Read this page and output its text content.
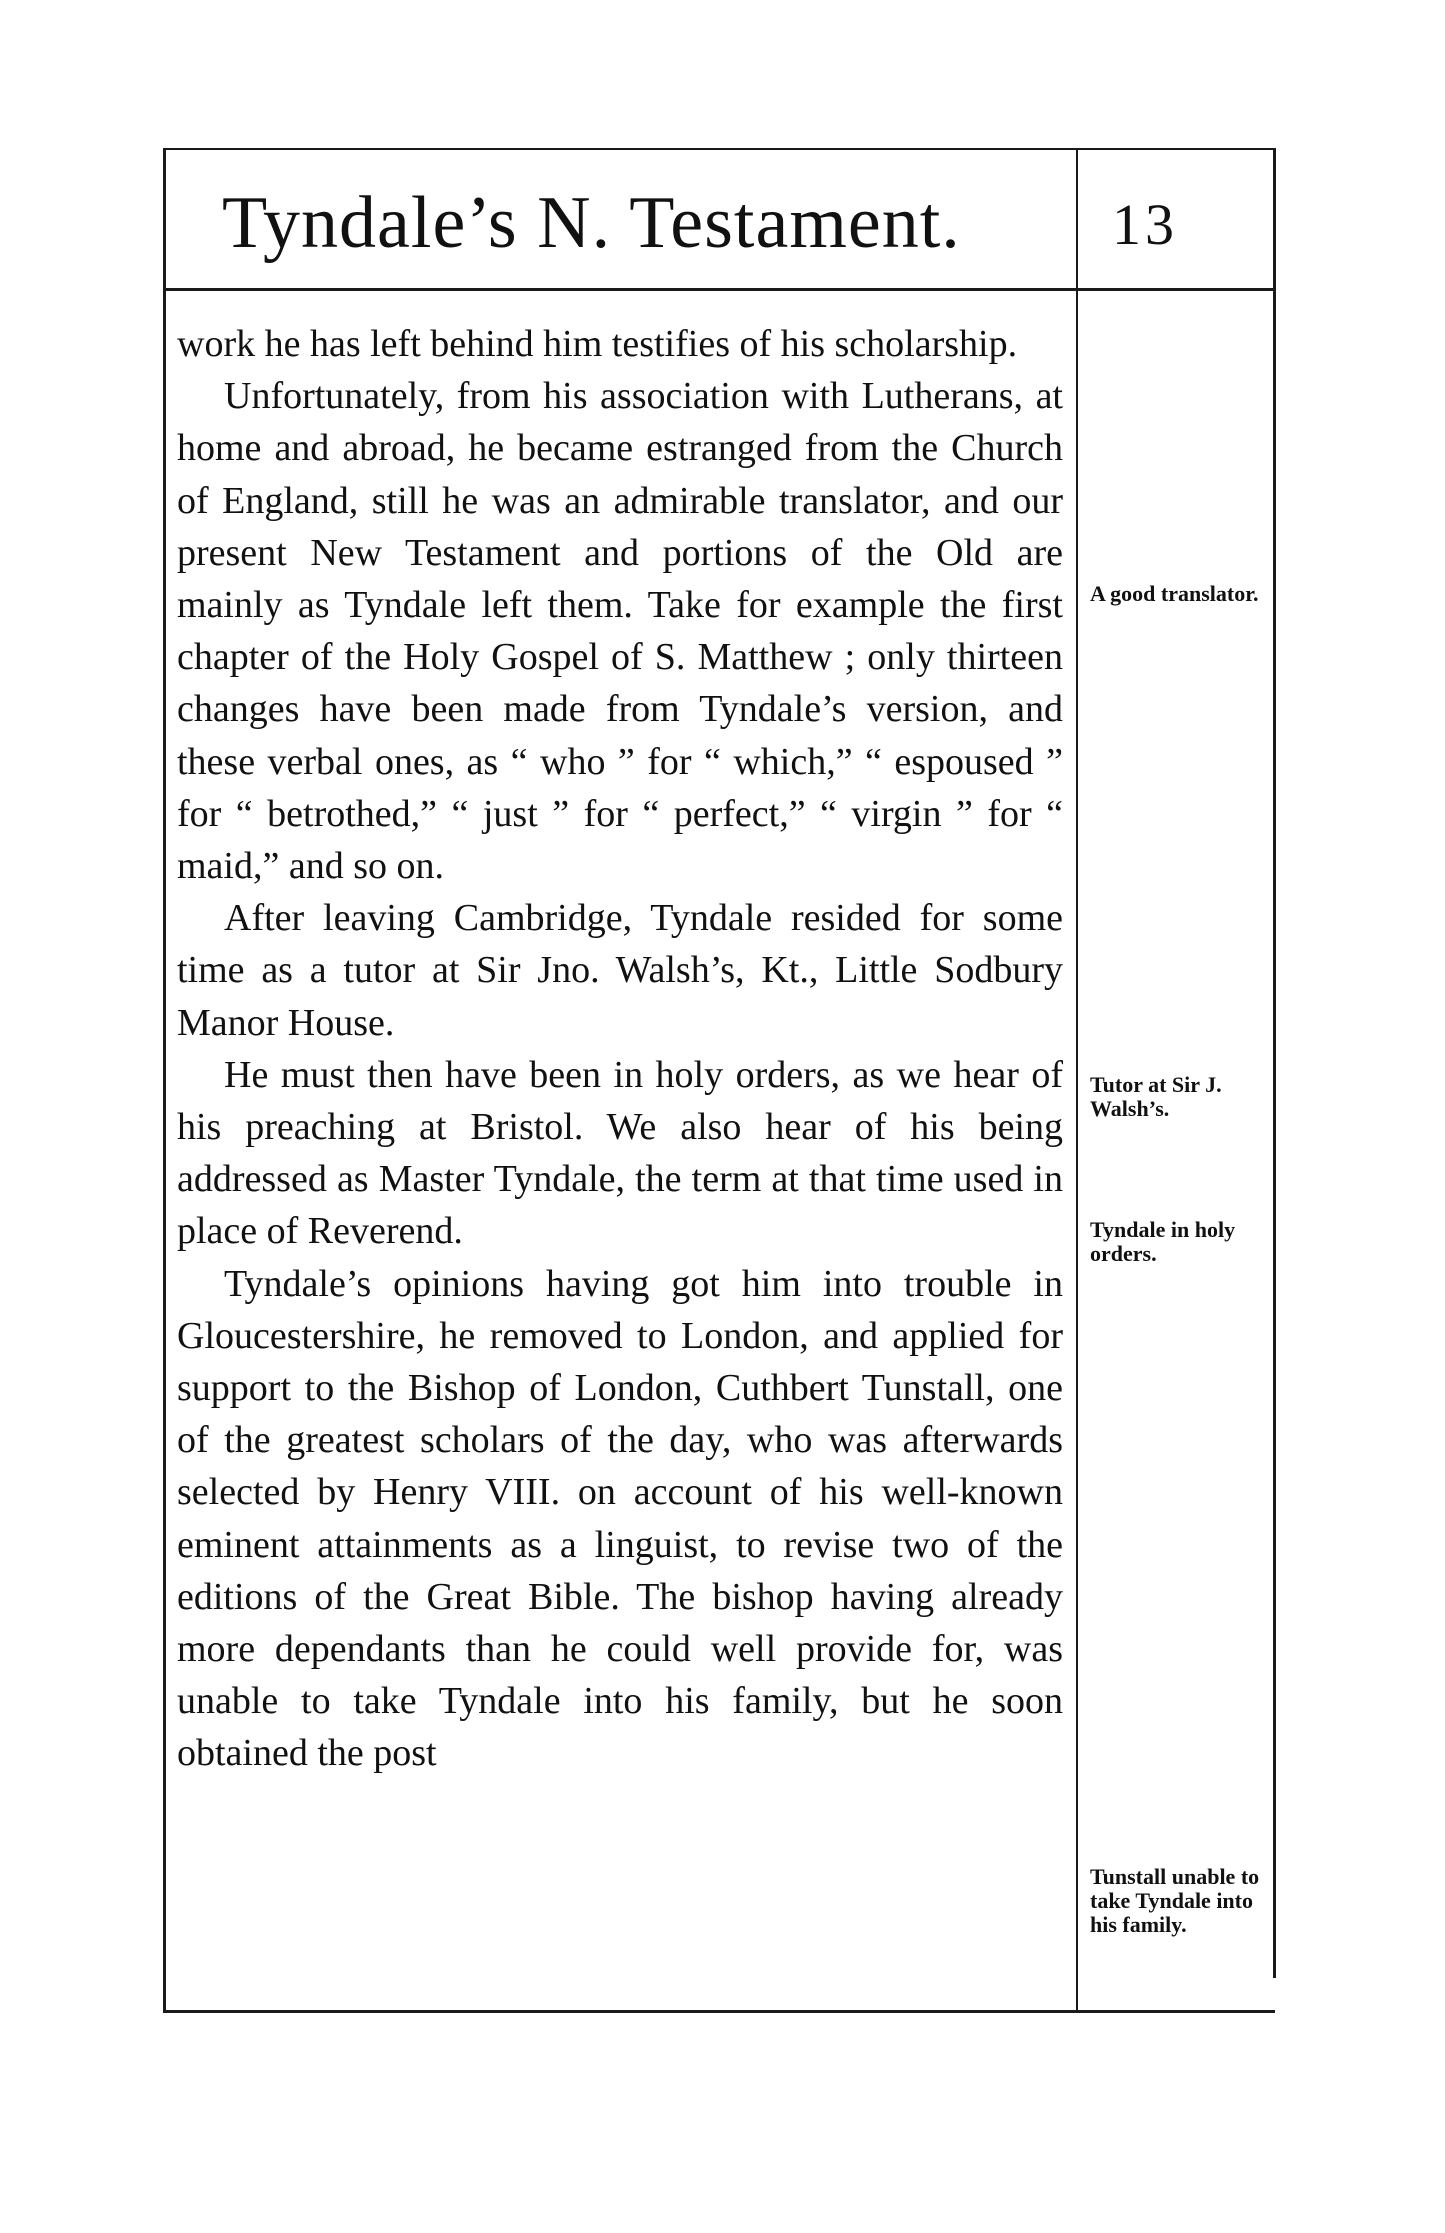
Tyndale’s N. Testament.	13

work he has left behind him testifies of his scholarship.

Unfortunately, from his association with Lutherans, at home and abroad, he became estranged from the Church of England, still he was an admirable translator, and our present New Testament and portions of the Old are mainly as Tyndale left them. Take for example the first chapter of the Holy Gospel of S. Matthew ; only thirteen changes have been made from Tyndale’s version, and these verbal ones, as “ who ” for “ which,” “ espoused ” for “ betrothed,” “ just ” for “ perfect,” “ virgin ” for “ maid,” and so on.

After leaving Cambridge, Tyndale resided for some time as a tutor at Sir Jno. Walsh’s, Kt., Little Sodbury Manor House.

He must then have been in holy orders, as we hear of his preaching at Bristol. We also hear of his being addressed as Master Tyndale, the term at that time used in place of Reverend.

Tyndale’s opinions having got him into trouble in Gloucestershire, he removed to London, and applied for support to the Bishop of London, Cuthbert Tunstall, one of the greatest scholars of the day, who was afterwards selected by Henry VIII. on account of his well-known eminent attainments as a linguist, to revise two of the editions of the Great Bible. The bishop having already more dependants than he could well provide for, was unable to take Tyndale into his family, but he soon obtained the post

A good translator.
Tutor at Sir J. Walsh’s.
Tyndale in holy orders.
Tunstall unable to take Tyndale into his family.
